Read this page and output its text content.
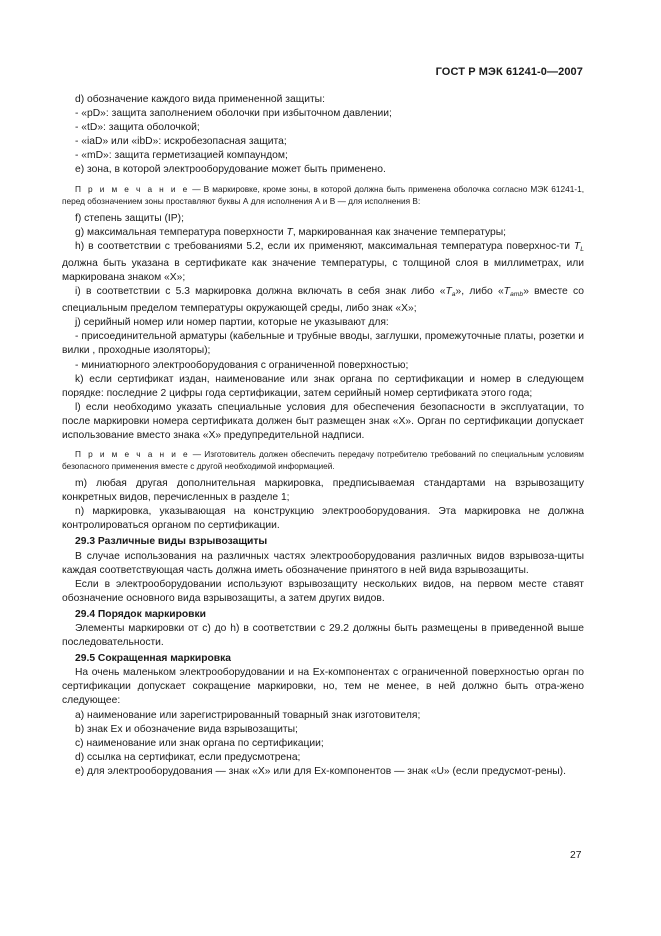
ГОСТ Р МЭК 61241-0—2007

d) обозначение каждого вида примененной защиты:

- «pD»: защита заполнением оболочки при избыточном давлении;

- «tD»: защита оболочкой;

- «iaD» или «ibD»: искробезопасная защита;

- «mD»: защита герметизацией компаундом;

e) зона, в которой электрооборудование может быть применено.

П р и м е ч а н и е — В маркировке, кроме зоны, в которой должна быть применена оболочка согласно МЭК 61241-1, перед обозначением зоны проставляют буквы А для исполнения А и В — для исполнения В:

f) степень защиты (IP);

g) максимальная температура поверхности T, маркированная как значение температуры;

h) в соответствии с требованиями 5.2, если их применяют, максимальная температура поверхнос-ти $T_L$ должна быть указана в сертификате как значение температуры, с толщиной слоя в миллиметрах, или маркирована знаком «X»;

i) в соответствии с 5.3 маркировка должна включать в себя знак либо «$T_a$», либо «$T_{amb}$» вместе со специальным пределом температуры окружающей среды, либо знак «X»;

j) серийный номер или номер партии, которые не указывают для:

- присоединительной арматуры (кабельные и трубные вводы, заглушки, промежуточные платы, розетки и вилки , проходные изоляторы);

- миниатюрного электрооборудования с ограниченной поверхностью;

k) если сертификат издан, наименование или знак органа по сертификации и номер в следующем порядке: последние 2 цифры года сертификации, затем серийный номер сертификата этого года;

l) если необходимо указать специальные условия для обеспечения безопасности в эксплуатации, то после маркировки номера сертификата должен быт размещен знак «X». Орган по сертификации допускает использование вместо знака «X» предупредительной надписи.

П р и м е ч а н и е — Изготовитель должен обеспечить передачу потребителю требований по специальным условиям безопасного применения вместе с другой необходимой информацией.

m) любая другая дополнительная маркировка, предписываемая стандартами на взрывозащиту конкретных видов, перечисленных в разделе 1;

n) маркировка, указывающая на конструкцию электрооборудования. Эта маркировка не должна контролироваться органом по сертификации.

29.3 Различные виды взрывозащиты

В случае использования на различных частях электрооборудования различных видов взрывоза-щиты каждая соответствующая часть должна иметь обозначение принятого в ней вида взрывозащиты.

Если в электрооборудовании используют взрывозащиту нескольких видов, на первом месте ставят обозначение основного вида взрывозащиты, а затем других видов.

29.4 Порядок маркировки

Элементы маркировки от c) до h) в соответствии с 29.2 должны быть размещены в приведенной выше последовательности.

29.5 Сокращенная маркировка

На очень маленьком электрооборудовании и на Ex-компонентах с ограниченной поверхностью орган по сертификации допускает сокращение маркировки, но, тем не менее, в ней должно быть отра-жено следующее:

a) наименование или зарегистрированный товарный знак изготовителя;

b) знак Ex и обозначение вида взрывозащиты;

c) наименование или знак органа по сертификации;

d) ссылка на сертификат, если предусмотрена;

e) для электрооборудования — знак «X» или для Ex-компонентов — знак «U» (если предусмот-рены).

27
